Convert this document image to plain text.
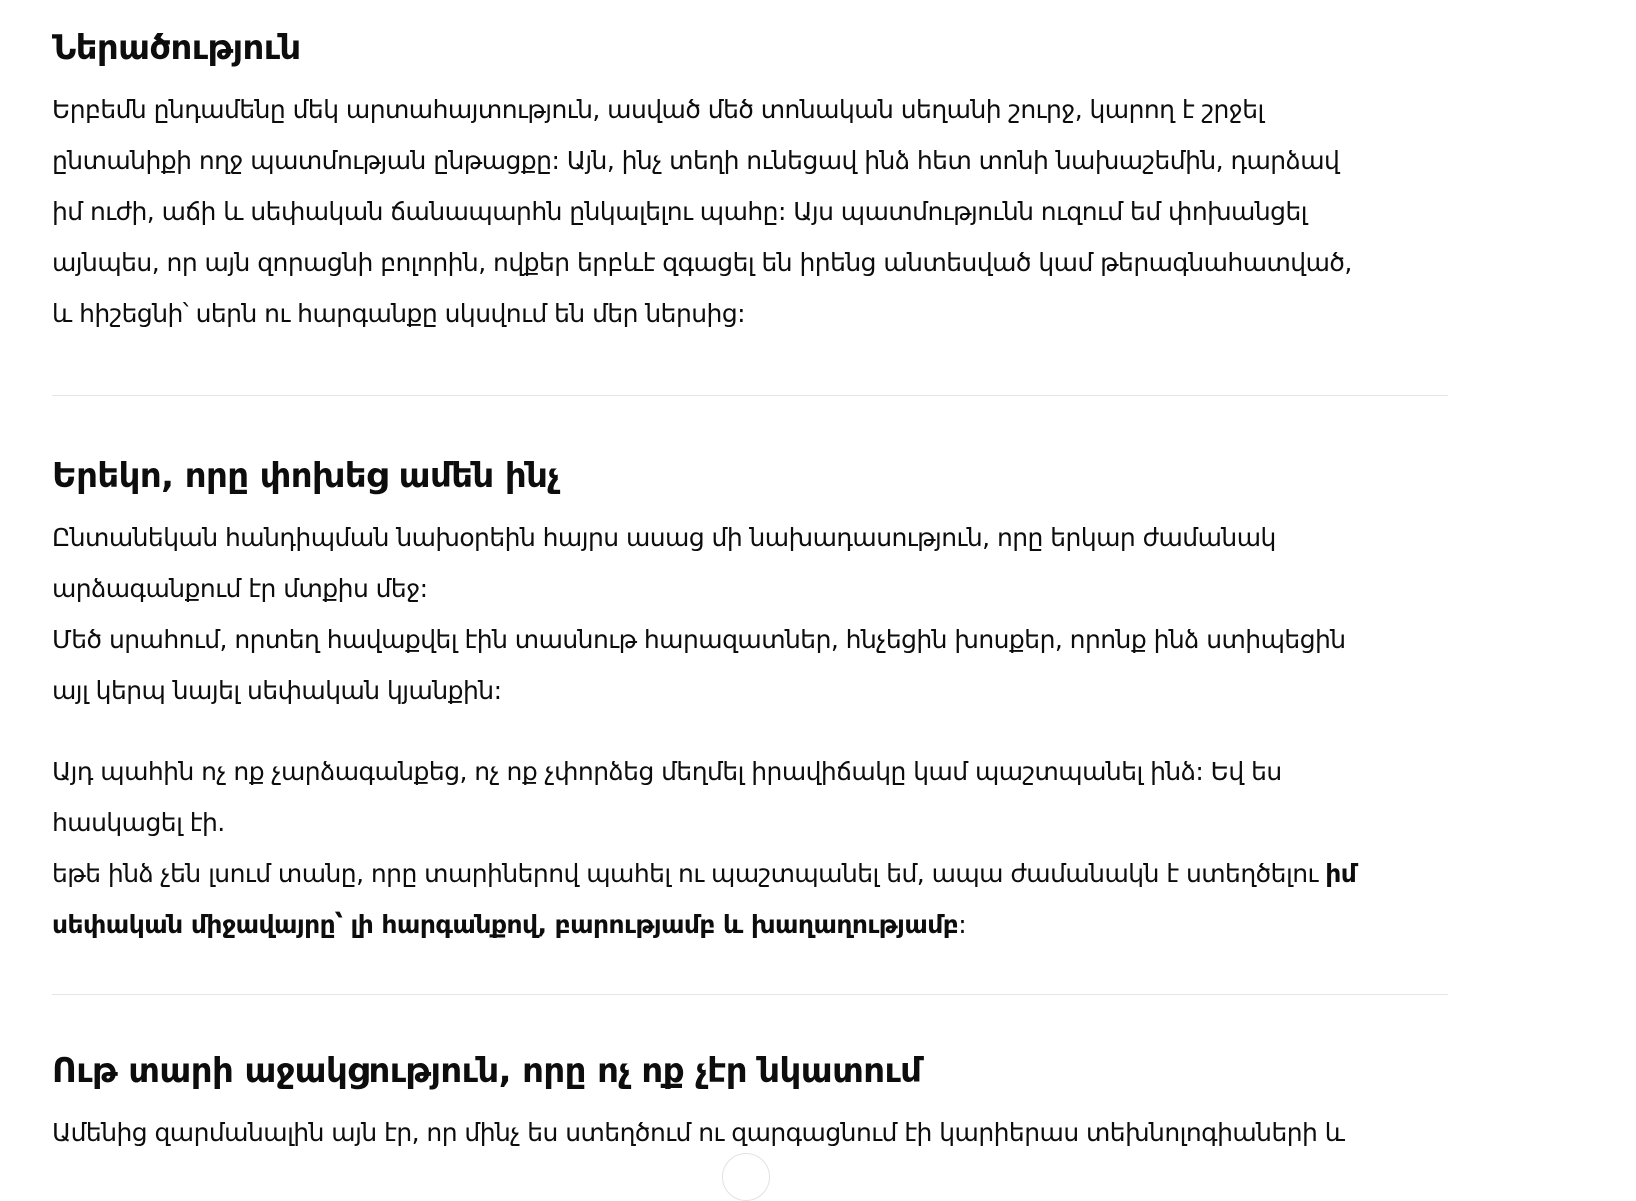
Ներածություն

Երբեմն ընդամենը մեկ արտահայտություն, ասված մեծ տոնական սեղանի շուրջ, կարող է շրջել

ընտանիքի ողջ պատմության ընթացքը: Այն, ինչ տեղի ունեցավ ինձ հետ տոնի նախաշեմին, դարձավ

իմ ուժի, աճի և սեփական ճանապարհն ընկալելու պահը: Այս պատմությունն ուզում եմ փոխանցել

այնպես, որ այն զորացնի բոլորին, ովքեր երբևէ զգացել են իրենց անտեսված կամ թերագնահատված,

և հիշեցնի՝ սերն ու հարգանքը սկսվում են մեր ներսից:

Երեկո, որը փոխեց ամեն ինչ

Ընտանեկան հանդիպման նախօրեին հայրս ասաց մի նախադասություն, որը երկար ժամանակ

արձագանքում էր մտքիս մեջ:

Մեծ սրահում, որտեղ հավաքվել էին տասնութ հարազատներ, հնչեցին խոսքեր, որոնք ինձ ստիպեցին

այլ կերպ նայել սեփական կյանքին:

Այդ պահին ոչ ոք չարձագանքեց, ոչ ոք չփորձեց մեղմել իրավիճակը կամ պաշտպանել ինձ: Եվ ես

հասկացել էի.

եթե ինձ չեն լսում տանը, որը տարիներով պահել ու պաշտպանել եմ, ապա ժամանակն է ստեղծելու իմ

սեփական միջավայրը՝ լի հարգանքով, բարությամբ և խաղաղությամբ:

Ութ տարի աջակցություն, որը ոչ ոք չէր նկատում

Ամենից զարմանալին այն էր, որ մինչ ես ստեղծում ու զարգացնում էի կարիերաս տեխնոլոգիաների և
